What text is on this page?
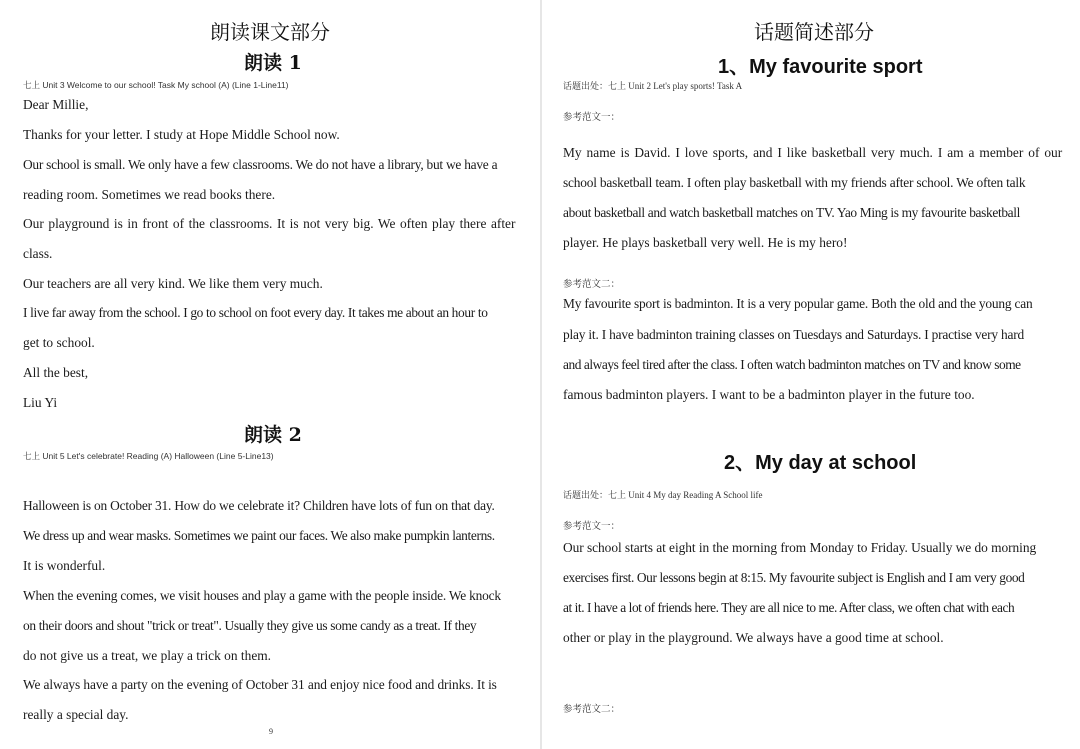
朗读课文部分
朗读 1
七上 Unit 3 Welcome to our school! Task My school (A) (Line 1-Line11)
Dear Millie,
Thanks for your letter. I study at Hope Middle School now.
Our school is small. We only have a few classrooms. We do not have a library, but we have a
reading room. Sometimes we read books there.
Our playground is in front of the classrooms. It is not very big. We often play there after
class.
Our teachers are all very kind. We like them very much.
I live far away from the school. I go to school on foot every day. It takes me about an hour to
get to school.
All the best,
Liu Yi
朗读 2
七上 Unit 5 Let's celebrate! Reading (A) Halloween (Line 5-Line13)
Halloween is on October 31. How do we celebrate it? Children have lots of fun on that day.
We dress up and wear masks. Sometimes we paint our faces. We also make pumpkin lanterns.
It is wonderful.
When the evening comes, we visit houses and play a game with the people inside. We knock
on their doors and shout "trick or treat". Usually they give us some candy as a treat. If they
do not give us a treat, we play a trick on them.
We always have a party on the evening of October 31 and enjoy nice food and drinks. It is
really a special day.
9
话题简述部分
1、My favourite sport
话题出处：七上 Unit 2 Let's play sports! Task A
参考范文一：
My name is David. I love sports, and I like basketball very much. I am a member of our
school basketball team. I often play basketball with my friends after school. We often talk
about basketball and watch basketball matches on TV. Yao Ming is my favourite basketball
player. He plays basketball very well. He is my hero!
参考范文二：
My favourite sport is badminton. It is a very popular game. Both the old and the young can
play it. I have badminton training classes on Tuesdays and Saturdays. I practise very hard
and always feel tired after the class. I often watch badminton matches on TV and know some
famous badminton players. I want to be a badminton player in the future too.
2、My day at school
话题出处：七上 Unit 4 My day Reading A School life
参考范文一：
Our school starts at eight in the morning from Monday to Friday. Usually we do morning
exercises first. Our lessons begin at 8:15. My favourite subject is English and I am very good
at it. I have a lot of friends here. They are all nice to me. After class, we often chat with each
other or play in the playground. We always have a good time at school.
参考范文二：
